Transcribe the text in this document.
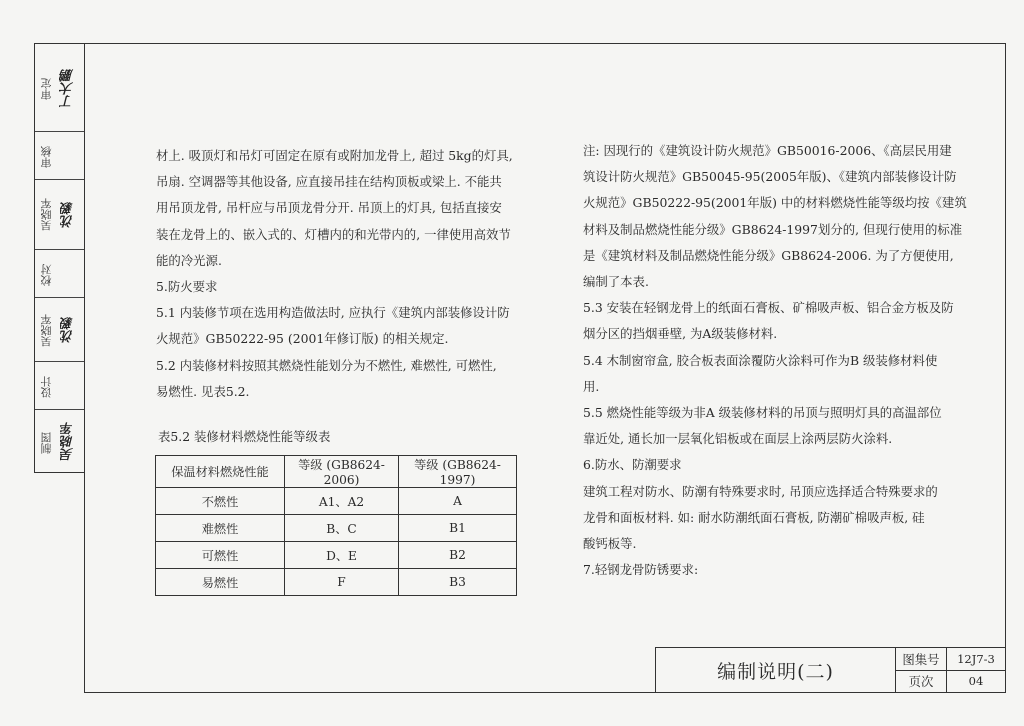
审定 丁大鹏
审核
吴晓军 沈毅
校对
吴晓军 沈毅
设计
制图 吴晓军

材上. 吸顶灯和吊灯可固定在原有或附加龙骨上, 超过 5kg的灯具,

吊扇. 空调器等其他设备, 应直接吊挂在结构顶板或梁上. 不能共

用吊顶龙骨, 吊杆应与吊顶龙骨分开. 吊顶上的灯具, 包括直接安

装在龙骨上的、嵌入式的、灯槽内的和光带内的, 一律使用高效节

能的冷光源.

5.防火要求

5.1 内装修节项在选用构造做法时, 应执行《建筑内部装修设计防

火规范》GB50222-95 (2001年修订版) 的相关规定.

5.2 内装修材料按照其燃烧性能划分为不燃性, 难燃性, 可燃性,

易燃性. 见表5.2.

表5.2 装修材料燃烧性能等级表
保温材料燃烧性能	等级 (GB8624-2006)	等级 (GB8624-1997)
不燃性	A1、A2	A
难燃性	B、C	B1
可燃性	D、E	B2
易燃性	F	B3

注: 因现行的《建筑设计防火规范》GB50016-2006、《高层民用建

筑设计防火规范》GB50045-95(2005年版)、《建筑内部装修设计防

火规范》GB50222-95(2001年版) 中的材料燃烧性能等级均按《建筑

材料及制品燃烧性能分级》GB8624-1997划分的, 但现行使用的标准

是《建筑材料及制品燃烧性能分级》GB8624-2006. 为了方便使用,

编制了本表.

5.3 安装在轻钢龙骨上的纸面石膏板、矿棉吸声板、铝合金方板及防

烟分区的挡烟垂壁, 为A级装修材料.

5.4 木制窗帘盒, 胶合板表面涂覆防火涂料可作为B 级装修材料使

用.

5.5 燃烧性能等级为非A 级装修材料的吊顶与照明灯具的高温部位

靠近处, 通长加一层氧化铝板或在面层上涂两层防火涂料.

6.防水、防潮要求

建筑工程对防水、防潮有特殊要求时, 吊顶应选择适合特殊要求的

龙骨和面板材料. 如: 耐水防潮纸面石膏板, 防潮矿棉吸声板, 硅

酸钙板等.

7.轻钢龙骨防锈要求:

编制说明(二)
图集号	12J7-3
页次	04
